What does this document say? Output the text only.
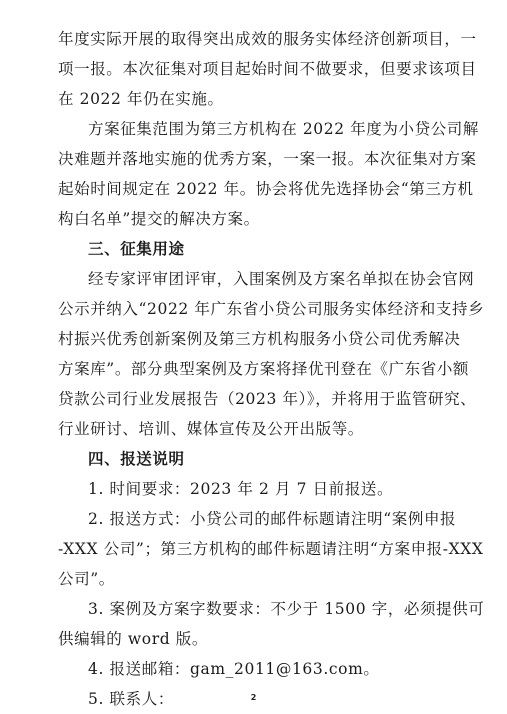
年度实际开展的取得突出成效的服务实体经济创新项目，一
项一报。本次征集对项目起始时间不做要求，但要求该项目
在 2022 年仍在实施。
方案征集范围为第三方机构在 2022 年度为小贷公司解
决难题并落地实施的优秀方案，一案一报。本次征集对方案
起始时间规定在 2022 年。协会将优先选择协会“第三方机
构白名单”提交的解决方案。
三、征集用途
经专家评审团评审，入围案例及方案名单拟在协会官网
公示并纳入“2022 年广东省小贷公司服务实体经济和支持乡
村振兴优秀创新案例及第三方机构服务小贷公司优秀解决
方案库”。部分典型案例及方案将择优刊登在《广东省小额
贷款公司行业发展报告（2023 年）》，并将用于监管研究、
行业研讨、培训、媒体宣传及公开出版等。
四、报送说明
1. 时间要求：2023 年 2 月 7 日前报送。
2. 报送方式：小贷公司的邮件标题请注明“案例申报
-XXX 公司”；第三方机构的邮件标题请注明“方案申报-XXX
公司”。
3. 案例及方案字数要求：不少于 1500 字，必须提供可
供编辑的 word 版。
4. 报送邮箱：gam_2011@163.com。
5. 联系人：	2
